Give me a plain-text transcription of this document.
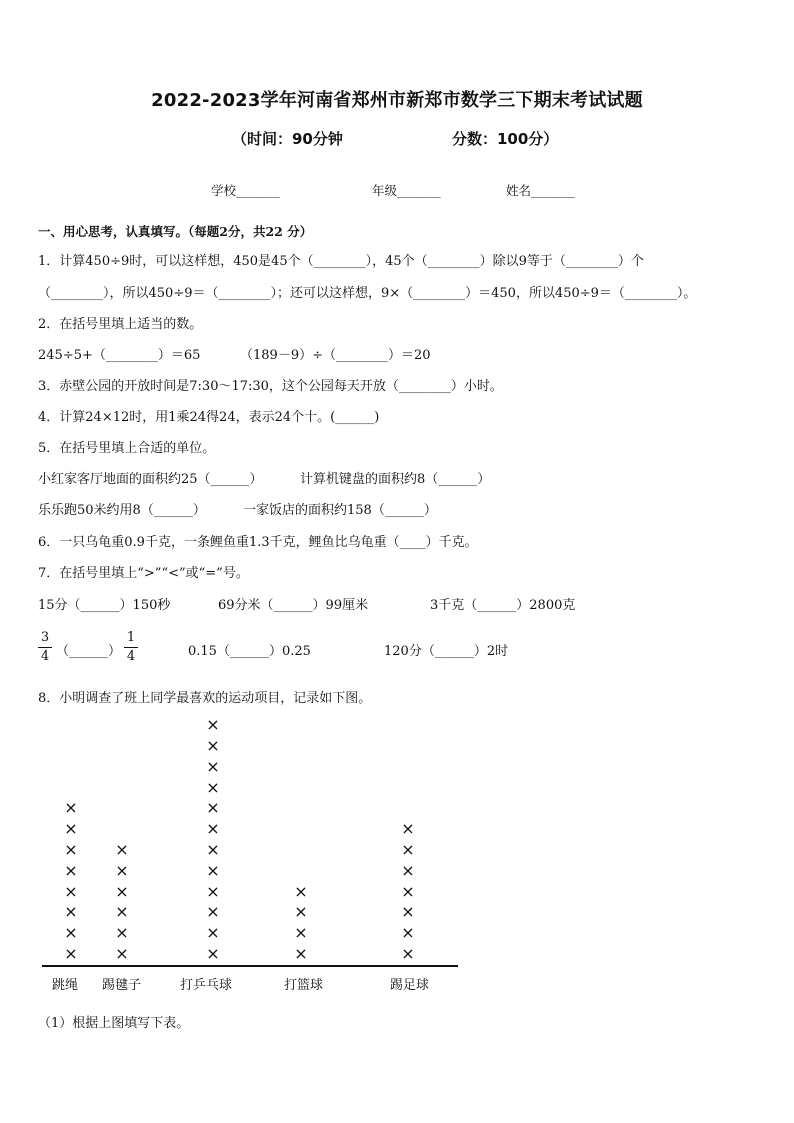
2022-2023学年河南省郑州市新郑市数学三下期末考试试题
（时间：90分钟	分数：100分）
学校_______	年级_______	姓名_______
一、用心思考，认真填写。（每题2分，共22 分）
1．计算450÷9时，可以这样想，450是45个（________），45个（________）除以9等于（________）个
（________），所以450÷9＝（________）；还可以这样想，9×（________）＝450，所以450÷9＝（________）。
2．在括号里填上适当的数。
245÷5+（________）＝65	（189－9）÷（________）＝20
3．赤壁公园的开放时间是7:30～17:30，这个公园每天开放（________）小时。
4．计算24×12时，用1乘24得24，表示24个十。(______)
5．在括号里填上合适的单位。
小红家客厅地面的面积约25（______）	计算机键盘的面积约8（______）
乐乐跑50米约用8（______）	一家饭店的面积约158（______）
6．一只乌龟重0.9千克，一条鲤鱼重1.3千克，鲤鱼比乌龟重（____）千克。
7．在括号里填上“>”“<”或“=”号。
15分（______）150秒	69分米（______）99厘米	3千克（______）2800克
$\frac{3}{4}$ （______） $\frac{1}{4}$	0.15（______）0.25	120分（______）2时
8．小明调查了班上同学最喜欢的运动项目，记录如下图。
×
×
×
×
×
×
×
×
跳绳
×
×
×
×
×
×
踢毽子
×
×
×
×
×
×
×
×
×
×
×
×
打乒乓球
×
×
×
×
打篮球
×
×
×
×
×
×
×
踢足球
（1）根据上图填写下表。
